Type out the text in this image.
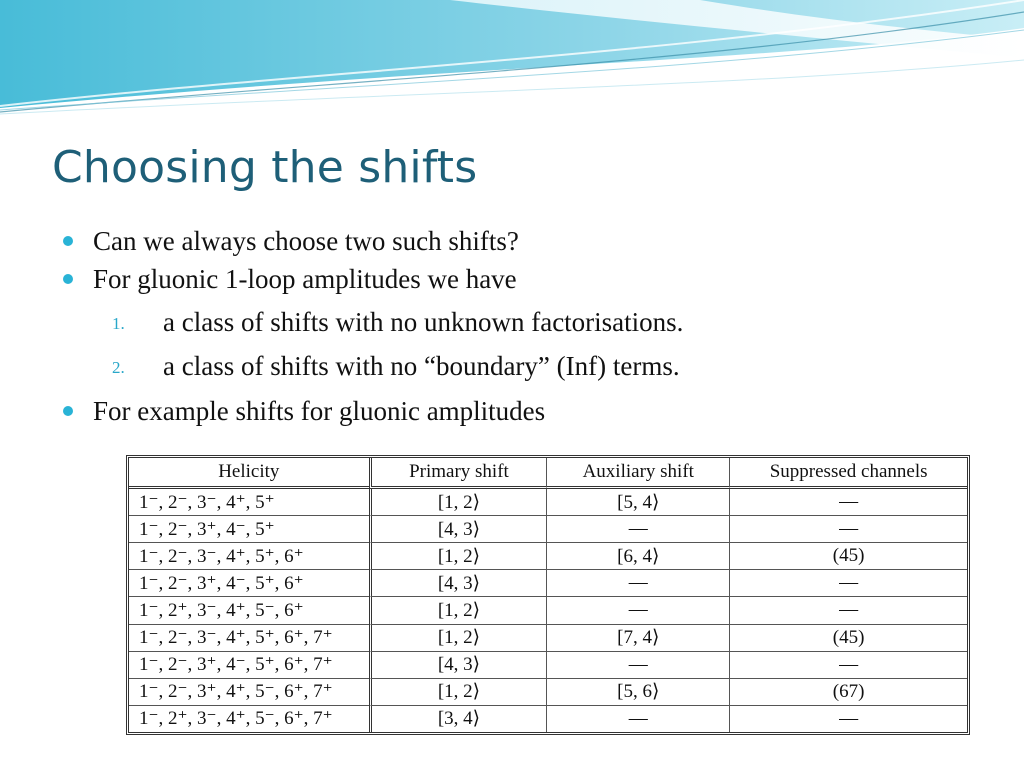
Choosing the shifts
Can we always choose two such shifts?
For gluonic 1-loop amplitudes we have
1. a class of shifts with no unknown factorisations.
2. a class of shifts with no “boundary” (Inf) terms.
For example shifts for gluonic amplitudes
Helicity	Primary shift	Auxiliary shift	Suppressed channels
1⁻, 2⁻, 3⁻, 4⁺, 5⁺	[1, 2⟩	[5, 4⟩	—
1⁻, 2⁻, 3⁺, 4⁻, 5⁺	[4, 3⟩	—	—
1⁻, 2⁻, 3⁻, 4⁺, 5⁺, 6⁺	[1, 2⟩	[6, 4⟩	(45)
1⁻, 2⁻, 3⁺, 4⁻, 5⁺, 6⁺	[4, 3⟩	—	—
1⁻, 2⁺, 3⁻, 4⁺, 5⁻, 6⁺	[1, 2⟩	—	—
1⁻, 2⁻, 3⁻, 4⁺, 5⁺, 6⁺, 7⁺	[1, 2⟩	[7, 4⟩	(45)
1⁻, 2⁻, 3⁺, 4⁻, 5⁺, 6⁺, 7⁺	[4, 3⟩	—	—
1⁻, 2⁻, 3⁺, 4⁺, 5⁻, 6⁺, 7⁺	[1, 2⟩	[5, 6⟩	(67)
1⁻, 2⁺, 3⁻, 4⁺, 5⁻, 6⁺, 7⁺	[3, 4⟩	—	—
